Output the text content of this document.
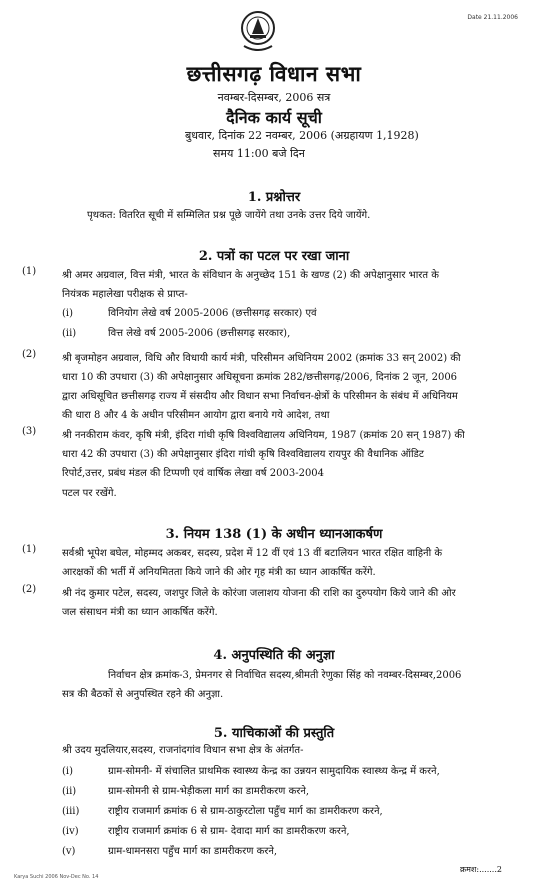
Date 21.11.2006
छत्तीसगढ़ विधान सभा
नवम्बर-दिसम्बर, 2006 सत्र
दैनिक कार्य सूची
बुधवार, दिनांक 22 नवम्बर, 2006 (अग्रहायण 1,1928)
समय 11:00 बजे दिन
1. प्रश्नोत्तर
पृथकत: वितरित सूची में सम्मिलित प्रश्न पूछे जायेंगे तथा उनके उत्तर दिये जायेंगे.
2. पत्रों का पटल पर रखा जाना
(1)	श्री अमर अग्रवाल, वित्त मंत्री, भारत के संविधान के अनुच्छेद 151 के खण्ड (2) की अपेक्षानुसार भारत के
नियंत्रक महालेखा परीक्षक से प्राप्त-
(i)	विनियोग लेखे वर्ष 2005-2006 (छत्तीसगढ़ सरकार) एवं
(ii)	वित्त लेखे वर्ष 2005-2006 (छत्तीसगढ़ सरकार),
(2)	श्री बृजमोहन अग्रवाल, विधि और विधायी कार्य मंत्री, परिसीमन अधिनियम 2002 (क्रमांक 33 सन् 2002) की
धारा 10 की उपधारा (3) की अपेक्षानुसार अधिसूचना क्रमांक 282/छत्तीसगढ़/2006, दिनांक 2 जून, 2006
द्वारा अधिसूचित छत्तीसगढ़ राज्य में संसदीय और विधान सभा निर्वाचन-क्षेत्रों के परिसीमन के संबंध में अधिनियम
की धारा 8 और 4 के अधीन परिसीमन आयोग द्वारा बनाये गये आदेश, तथा
(3)	श्री ननकीराम कंवर, कृषि मंत्री, इंदिरा गांधी कृषि विश्वविद्यालय अधिनियम, 1987 (क्रमांक 20 सन् 1987) की
धारा 42 की उपधारा (3) की अपेक्षानुसार इंदिरा गांधी कृषि विश्वविद्यालय रायपुर की वैधानिक ऑडिट
रिपोर्ट,उत्तर, प्रबंध मंडल की टिप्पणी एवं वार्षिक लेखा वर्ष 2003-2004
पटल पर रखेंगे.
3. नियम 138 (1) के अधीन ध्यानआकर्षण
(1)	सर्वश्री भूपेश बघेल, मोहम्मद अकबर, सदस्य, प्रदेश में 12 वीं एवं 13 वीं बटालियन भारत रक्षित वाहिनी के
आरक्षकों की भर्ती में अनियमितता किये जाने की ओर गृह मंत्री का ध्यान आकर्षित करेंगे.
(2)	श्री नंद कुमार पटेल, सदस्य, जशपुर जिले के कोरंजा जलाशय योजना की राशि का दुरुपयोग किये जाने की ओर
जल संसाधन मंत्री का ध्यान आकर्षित करेंगे.
4. अनुपस्थिति की अनुज्ञा
निर्वाचन क्षेत्र क्रमांक-3, प्रेमनगर से निर्वाचित सदस्य,श्रीमती रेणुका सिंह को नवम्बर-दिसम्बर,2006
सत्र की बैठकों से अनुपस्थित रहने की अनुज्ञा.
5. याचिकाओं की प्रस्तुति
श्री उदय मुदलियार,सदस्य, राजनांदगांव विधान सभा क्षेत्र के अंतर्गत-
(i)	ग्राम-सोमनी- में संचालित प्राथमिक स्वास्थ्य केन्द्र का उन्नयन सामुदायिक स्वास्थ्य केन्द्र में करने,
(ii)	ग्राम-सोमनी से ग्राम-भेड़ीकला मार्ग का डामरीकरण करने,
(iii)	राष्ट्रीय राजमार्ग क्रमांक 6 से ग्राम-ठाकुरटोला पहुँच मार्ग का डामरीकरण करने,
(iv)	राष्ट्रीय राजमार्ग क्रमांक 6 से ग्राम- देवादा मार्ग का डामरीकरण करने,
(v)	ग्राम-धामनसरा पहुँच मार्ग का डामरीकरण करने,
Karya Suchi 2006 Nov-Dec No. 14
क्रमश:.......2
